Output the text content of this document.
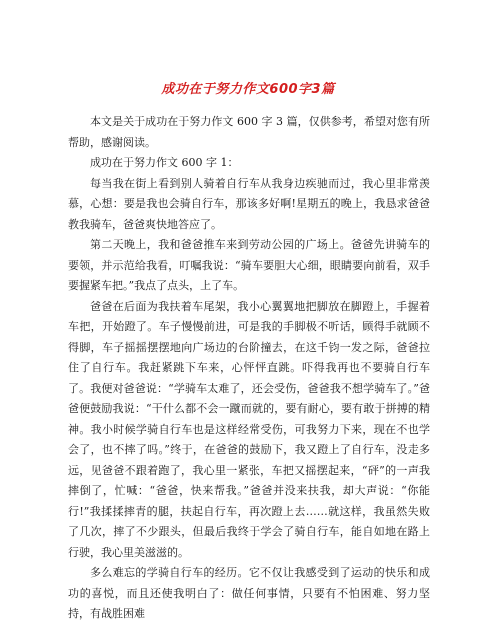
成功在于努力作文600字3篇

本文是关于成功在于努力作文 600 字 3 篇，仅供参考，希望对您有所帮助，感谢阅读。

成功在于努力作文 600 字 1：

每当我在街上看到别人骑着自行车从我身边疾驰而过，我心里非常羡慕，心想：要是我也会骑自行车，那该多好啊!星期五的晚上，我恳求爸爸教我骑车，爸爸爽快地答应了。

第二天晚上，我和爸爸推车来到劳动公园的广场上。爸爸先讲骑车的要领，并示范给我看，叮嘱我说：“骑车要胆大心细，眼睛要向前看，双手要握紧车把。”我点了点头，上了车。

爸爸在后面为我扶着车尾架，我小心翼翼地把脚放在脚蹬上，手握着车把，开始蹬了。车子慢慢前进，可是我的手脚极不听话，顾得手就顾不得脚，车子摇摇摆摆地向广场边的台阶撞去，在这千钧一发之际，爸爸拉住了自行车。我赶紧跳下车来，心怦怦直跳。吓得我再也不要骑自行车了。我便对爸爸说：“学骑车太难了，还会受伤，爸爸我不想学骑车了。”爸爸便鼓励我说：“干什么都不会一蹴而就的，要有耐心，要有敢于拼搏的精神。我小时候学骑自行车也是这样经常受伤，可我努力下来，现在不也学会了，也不摔了吗。”终于，在爸爸的鼓励下，我又蹬上了自行车，没走多远，见爸爸不跟着跑了，我心里一紧张，车把又摇摆起来，“砰”的一声我摔倒了，忙喊：“爸爸，快来帮我。”爸爸并没来扶我，却大声说：“你能行!”我揉揉摔青的腿，扶起自行车，再次蹬上去……就这样，我虽然失败了几次，摔了不少跟头，但最后我终于学会了骑自行车，能自如地在路上行驶，我心里美滋滋的。

多么难忘的学骑自行车的经历。它不仅让我感受到了运动的快乐和成功的喜悦，而且还使我明白了：做任何事情，只要有不怕困难、努力坚持，有战胜困难
